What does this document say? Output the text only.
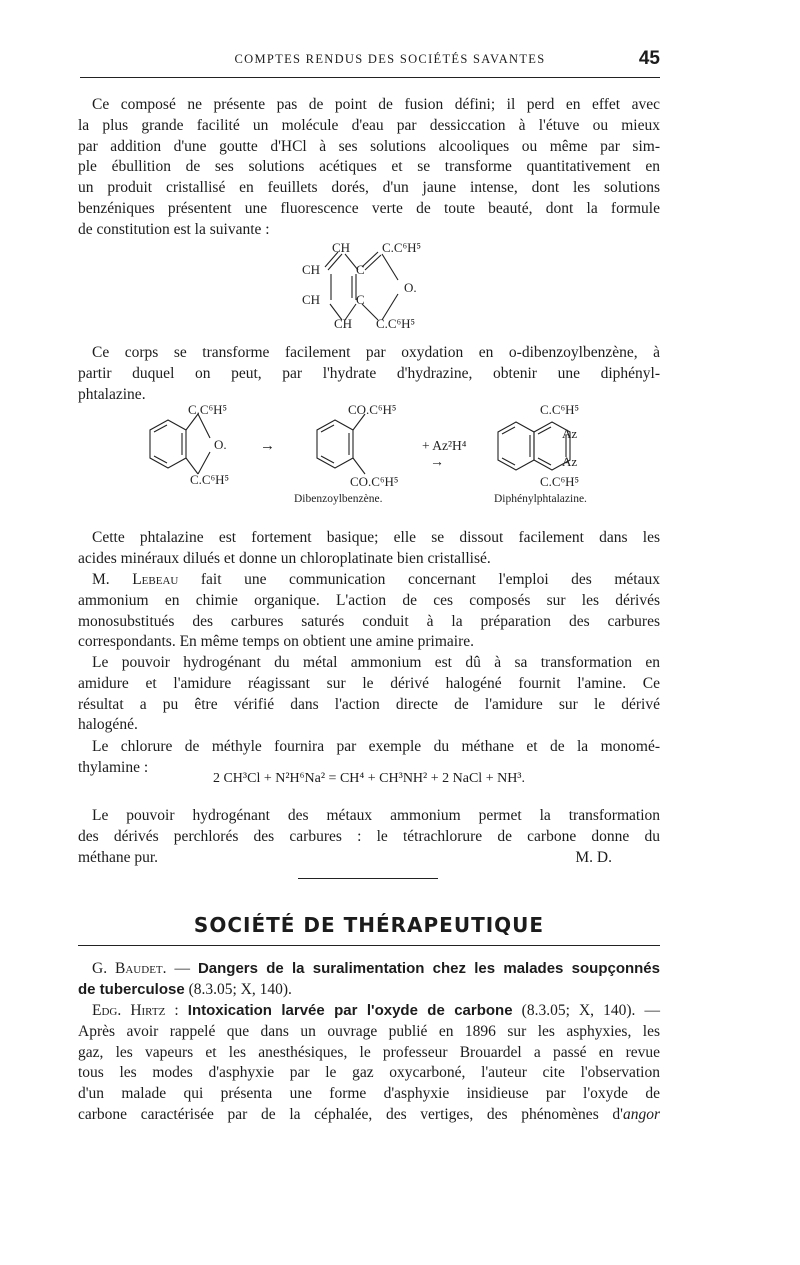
COMPTES RENDUS DES SOCIÉTÉS SAVANTES	45

Ce composé ne présente pas de point de fusion défini; il perd en effet avec
la plus grande facilité un molécule d'eau par dessiccation à l'étuve ou mieux
par addition d'une goutte d'HCl à ses solutions alcooliques ou même par sim-
ple ébullition de ses solutions acétiques et se transforme quantitativement en
un produit cristallisé en feuillets dorés, d'un jaune intense, dont les solutions
benzéniques présentent une fluorescence verte de toute beauté, dont la formule
de constitution est la suivante :

CH C.C⁶H⁵
CH	C
O.
CH	C
CH C.C⁶H⁵

Ce corps se transforme facilement par oxydation en o-dibenzoylbenzène, à
partir duquel on peut, par l'hydrate d'hydrazine, obtenir une diphényl-
phtalazine.

C.C⁶H⁵
O.
C.C⁶H⁵
→
CO.C⁶H⁵
CO.C⁶H⁵
Dibenzoylbenzène.
+ Az²H⁴
→
C.C⁶H⁵
Az
Az
C.C⁶H⁵
Diphénylphtalazine.

Cette phtalazine est fortement basique; elle se dissout facilement dans les
acides minéraux dilués et donne un chloroplatinate bien cristallisé.

M. Lebeau fait une communication concernant l'emploi des métaux
ammonium en chimie organique. L'action de ces composés sur les dérivés
monosubstitués des carbures saturés conduit à la préparation des carbures
correspondants. En même temps on obtient une amine primaire.

Le pouvoir hydrogénant du métal ammonium est dû à sa transformation en
amidure et l'amidure réagissant sur le dérivé halogéné fournit l'amine. Ce
résultat a pu être vérifié dans l'action directe de l'amidure sur le dérivé
halogéné.

Le chlorure de méthyle fournira par exemple du méthane et de la monomé-
thylamine :

2 CH³Cl + N²H⁶Na² = CH⁴ + CH³NH² + 2 NaCl + NH³.

Le pouvoir hydrogénant des métaux ammonium permet la transformation
des dérivés perchlorés des carbures : le tétrachlorure de carbone donne du
méthane pur.	M. D.

SOCIÉTÉ DE THÉRAPEUTIQUE

G. Baudet. — Dangers de la suralimentation chez les malades soupçonnés
de tuberculose (8.3.05; X, 140).

Edg. Hirtz : Intoxication larvée par l'oxyde de carbone (8.3.05; X, 140). —
Après avoir rappelé que dans un ouvrage publié en 1896 sur les asphyxies, les
gaz, les vapeurs et les anesthésiques, le professeur Brouardel a passé en revue
tous les modes d'asphyxie par le gaz oxycarboné, l'auteur cite l'observation
d'un malade qui présenta une forme d'asphyxie insidieuse par l'oxyde de
carbone caractérisée par de la céphalée, des vertiges, des phénomènes d'angor
